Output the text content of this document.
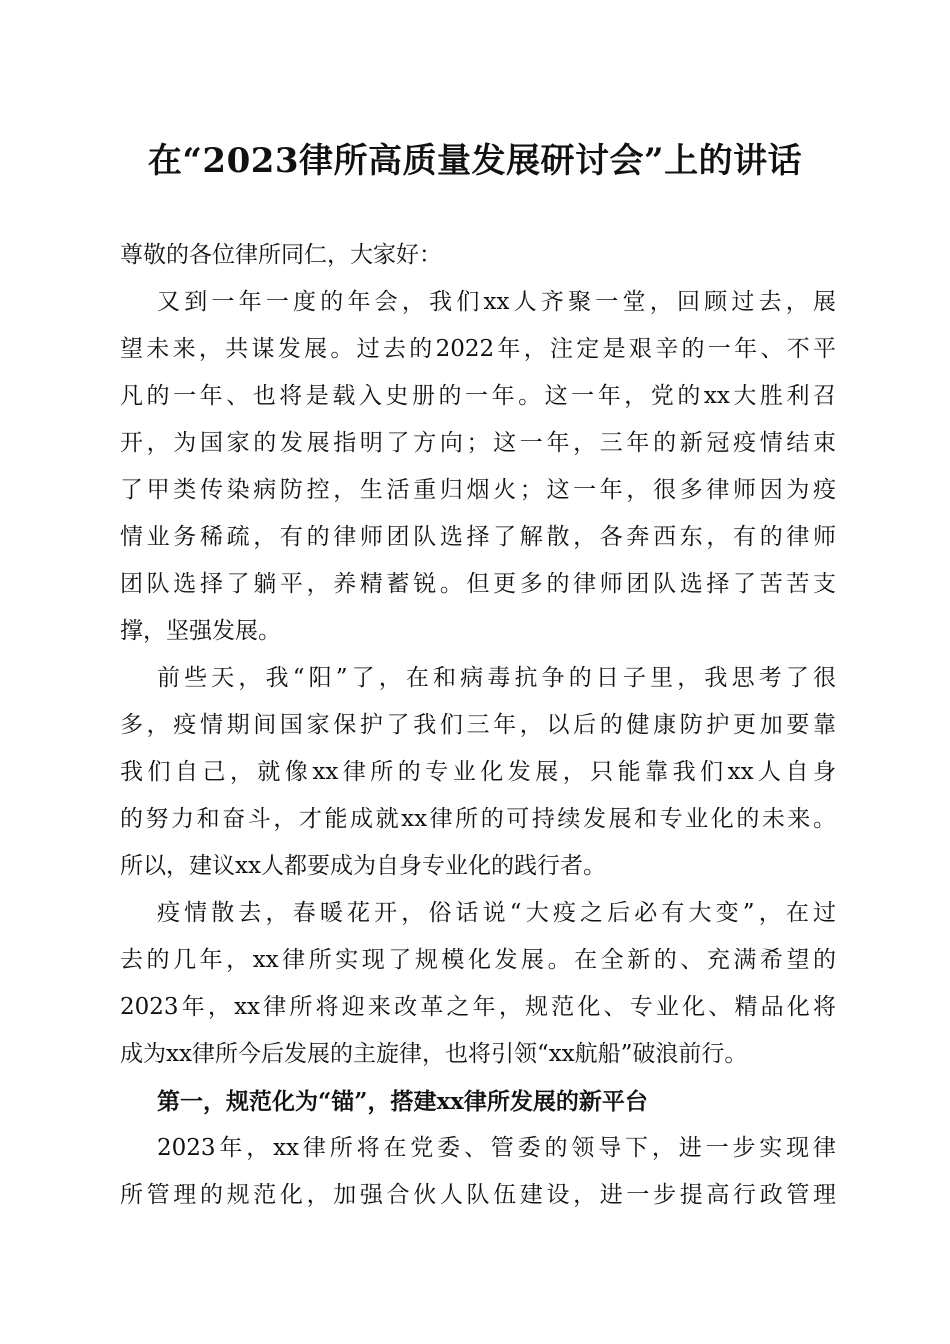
在“2023律所高质量发展研讨会”上的讲话
尊敬的各位律所同仁，大家好：
又到一年一度的年会，我们xx人齐聚一堂，回顾过去，展
望未来，共谋发展。过去的2022年，注定是艰辛的一年、不平
凡的一年、也将是载入史册的一年。这一年，党的xx大胜利召
开，为国家的发展指明了方向；这一年，三年的新冠疫情结束
了甲类传染病防控，生活重归烟火；这一年，很多律师因为疫
情业务稀疏，有的律师团队选择了解散，各奔西东，有的律师
团队选择了躺平，养精蓄锐。但更多的律师团队选择了苦苦支
撑，坚强发展。
前些天，我“阳”了，在和病毒抗争的日子里，我思考了很
多，疫情期间国家保护了我们三年，以后的健康防护更加要靠
我们自己，就像xx律所的专业化发展，只能靠我们xx人自身
的努力和奋斗，才能成就xx律所的可持续发展和专业化的未来。
所以，建议xx人都要成为自身专业化的践行者。
疫情散去，春暖花开，俗话说“大疫之后必有大变”，在过
去的几年，xx律所实现了规模化发展。在全新的、充满希望的
2023年，xx律所将迎来改革之年，规范化、专业化、精品化将
成为xx律所今后发展的主旋律，也将引领“xx航船”破浪前行。
第一，规范化为“锚”，搭建xx律所发展的新平台
2023年，xx律所将在党委、管委的领导下，进一步实现律
所管理的规范化，加强合伙人队伍建设，进一步提高行政管理
